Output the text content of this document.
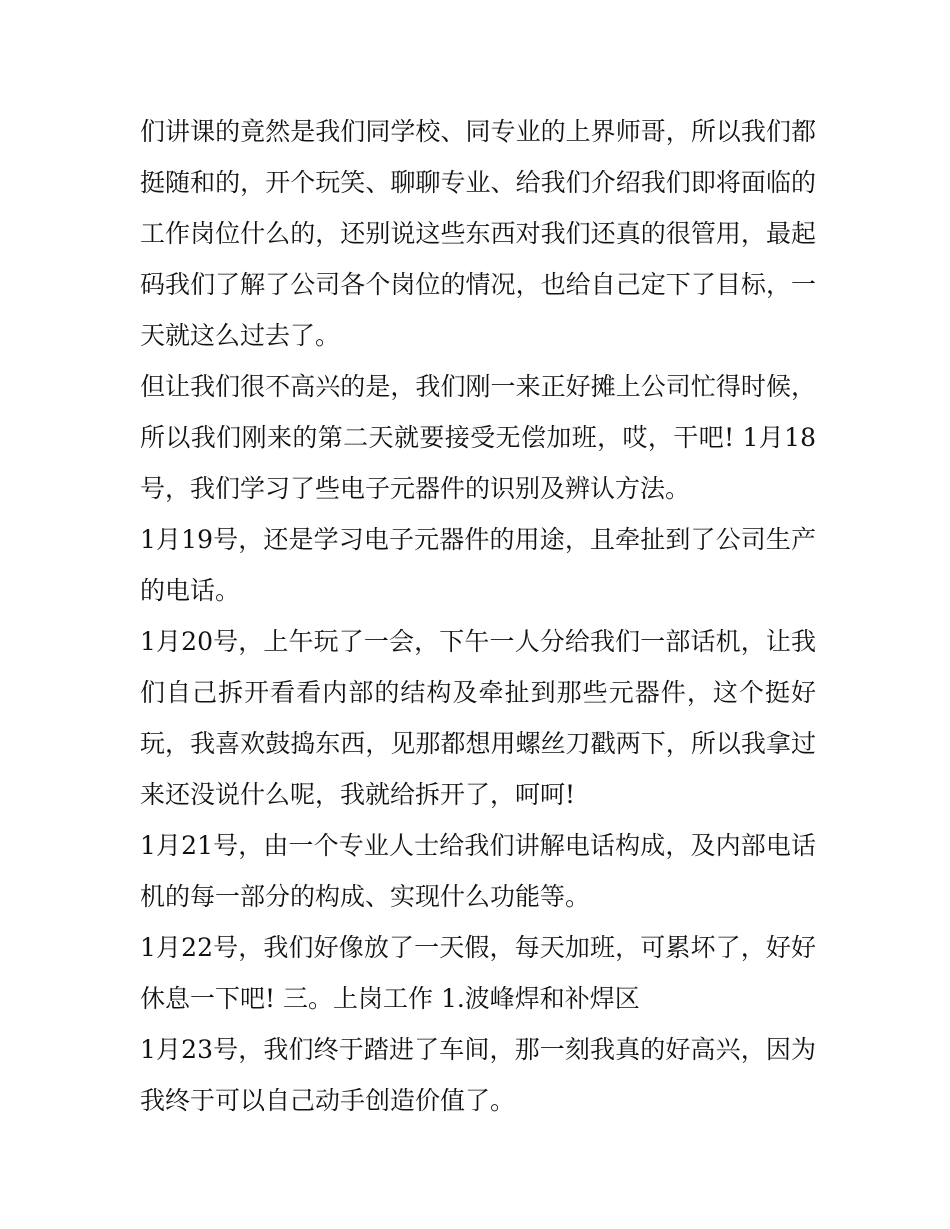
们讲课的竟然是我们同学校、同专业的上界师哥，所以我们都挺随和的，开个玩笑、聊聊专业、给我们介绍我们即将面临的工作岗位什么的，还别说这些东西对我们还真的很管用，最起码我们了解了公司各个岗位的情况，也给自己定下了目标，一天就这么过去了。

但让我们很不高兴的是，我们刚一来正好摊上公司忙得时候，所以我们刚来的第二天就要接受无偿加班，哎，干吧! 1月18号，我们学习了些电子元器件的识别及辨认方法。

1月19号，还是学习电子元器件的用途，且牵扯到了公司生产的电话。

1月20号，上午玩了一会，下午一人分给我们一部话机，让我们自己拆开看看内部的结构及牵扯到那些元器件，这个挺好玩，我喜欢鼓捣东西，见那都想用螺丝刀戳两下，所以我拿过来还没说什么呢，我就给拆开了，呵呵!

1月21号，由一个专业人士给我们讲解电话构成，及内部电话机的每一部分的构成、实现什么功能等。

1月22号，我们好像放了一天假，每天加班，可累坏了，好好休息一下吧! 三。上岗工作 1.波峰焊和补焊区

1月23号，我们终于踏进了车间，那一刻我真的好高兴，因为我终于可以自己动手创造价值了。
